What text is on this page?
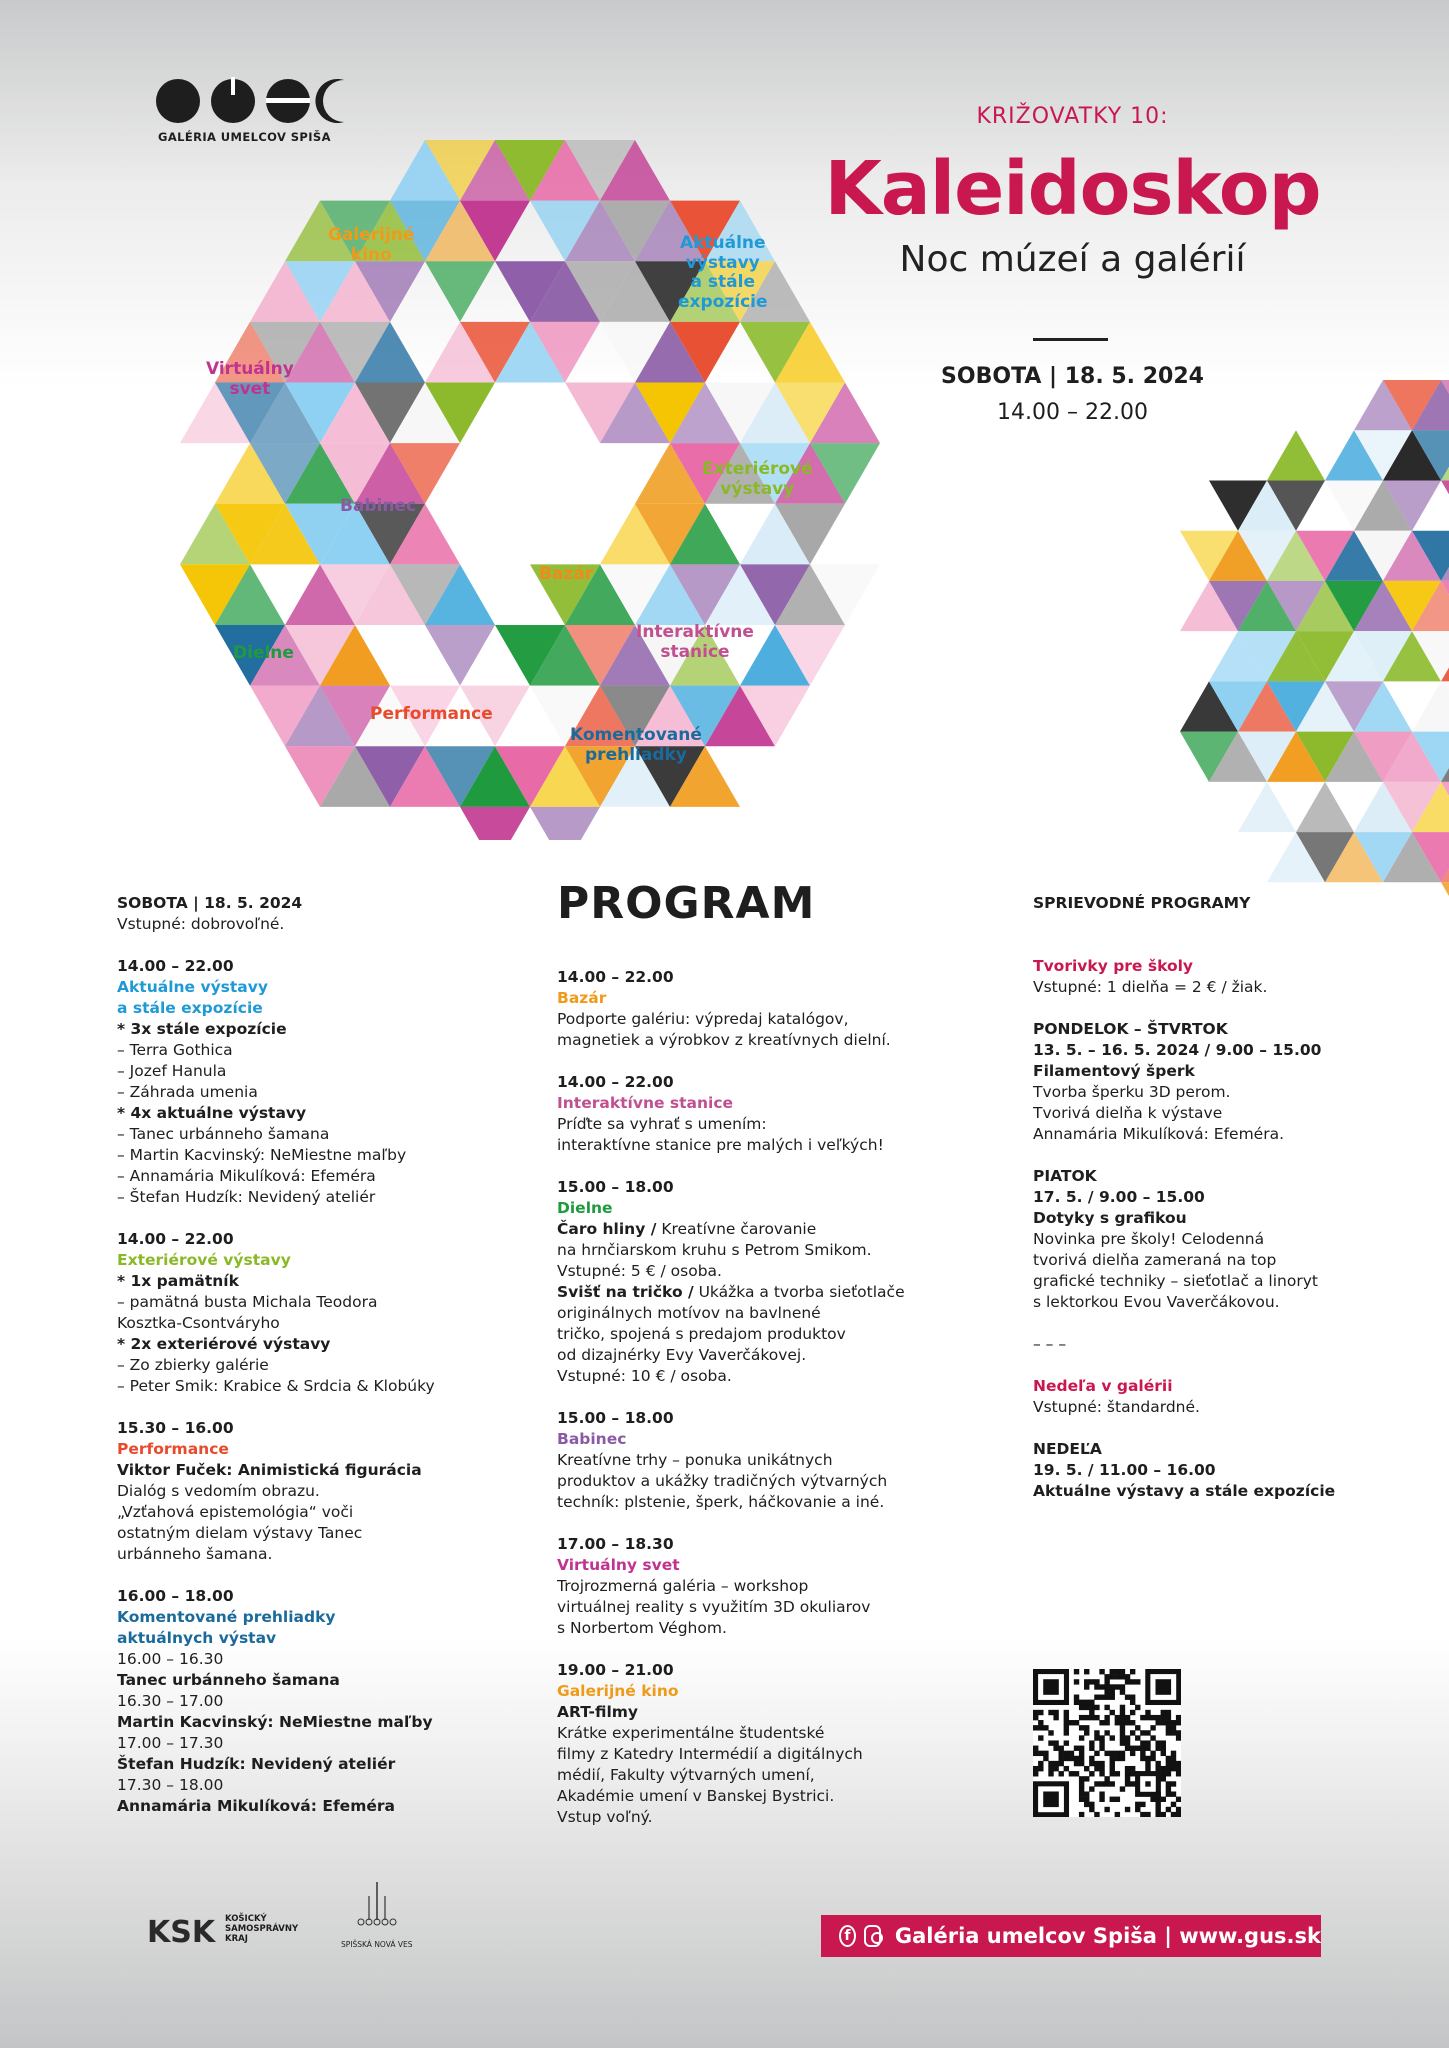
GALÉRIA UMELCOV SPIŠA
KRIŽOVATKY 10:
Kaleidoskop
Noc múzeí a galérií
SOBOTA | 18. 5. 2024
14.00 – 22.00
Galerijné
kino
Aktuálne
výstavy
a stále
expozície
Virtuálny
svet
Exteriérové
výstavy
Babinec
Bazár
Interaktívne
stanice
Dielne
Performance
Komentované
prehliadky
PROGRAM

SOBOTA | 18. 5. 2024

Vstupné: dobrovoľné.

14.00 – 22.00

Aktuálne výstavy

a stále expozície

* 3x stále expozície

– Terra Gothica

– Jozef Hanula

– Záhrada umenia

* 4x aktuálne výstavy

– Tanec urbánneho šamana

– Martin Kacvinský: NeMiestne maľby

– Annamária Mikulíková: Efeméra

– Štefan Hudzík: Nevidený ateliér

14.00 – 22.00

Exteriérové výstavy

* 1x pamätník

– pamätná busta Michala Teodora

Kosztka-Csontváryho

* 2x exteriérové výstavy

– Zo zbierky galérie

– Peter Smik: Krabice & Srdcia & Klobúky

15.30 – 16.00

Performance

Viktor Fuček: Animistická figurácia

Dialóg s vedomím obrazu.

„Vzťahová epistemológia“ voči

ostatným dielam výstavy Tanec

urbánneho šamana.

16.00 – 18.00

Komentované prehliadky

aktuálnych výstav

16.00 – 16.30

Tanec urbánneho šamana

16.30 – 17.00

Martin Kacvinský: NeMiestne maľby

17.00 – 17.30

Štefan Hudzík: Nevidený ateliér

17.30 – 18.00

Annamária Mikulíková: Efeméra

14.00 – 22.00

Bazár

Podporte galériu: výpredaj katalógov,

magnetiek a výrobkov z kreatívnych dielní.

14.00 – 22.00

Interaktívne stanice

Príďte sa vyhrať s umením:

interaktívne stanice pre malých i veľkých!

15.00 – 18.00

Dielne

Čaro hliny / Kreatívne čarovanie

na hrnčiarskom kruhu s Petrom Smikom.

Vstupné: 5 € / osoba.

Svišť na tričko / Ukážka a tvorba sieťotlače

originálnych motívov na bavlnené

tričko, spojená s predajom produktov

od dizajnérky Evy Vaverčákovej.

Vstupné: 10 € / osoba.

15.00 – 18.00

Babinec

Kreatívne trhy – ponuka unikátnych

produktov a ukážky tradičných výtvarných

techník: plstenie, šperk, háčkovanie a iné.

17.00 – 18.30

Virtuálny svet

Trojrozmerná galéria – workshop

virtuálnej reality s využitím 3D okuliarov

s Norbertom Véghom.

19.00 – 21.00

Galerijné kino

ART-filmy

Krátke experimentálne študentské

filmy z Katedry Intermédií a digitálnych

médií, Fakulty výtvarných umení,

Akadémie umení v Banskej Bystrici.

Vstup voľný.

SPRIEVODNÉ PROGRAMY

Tvorivky pre školy

Vstupné: 1 dielňa = 2 € / žiak.

PONDELOK – ŠTVRTOK

13. 5. – 16. 5. 2024 / 9.00 – 15.00

Filamentový šperk

Tvorba šperku 3D perom.

Tvorivá dielňa k výstave

Annamária Mikulíková: Efeméra.

PIATOK

17. 5. / 9.00 – 15.00

Dotyky s grafikou

Novinka pre školy! Celodenná

tvorivá dielňa zameraná na top

grafické techniky – sieťotlač a linoryt

s lektorkou Evou Vaverčákovou.

– – –

Nedeľa v galérii

Vstupné: štandardné.

NEDEĽA

19. 5. / 11.00 – 16.00

Aktuálne výstavy a stále expozície

KSK KOŠICKÝ

SAMOSPRÁVNY

KRAJ

SPIŠSKÁ NOVÁ VES

f Galéria umelcov Spiša | www.gus.sk
